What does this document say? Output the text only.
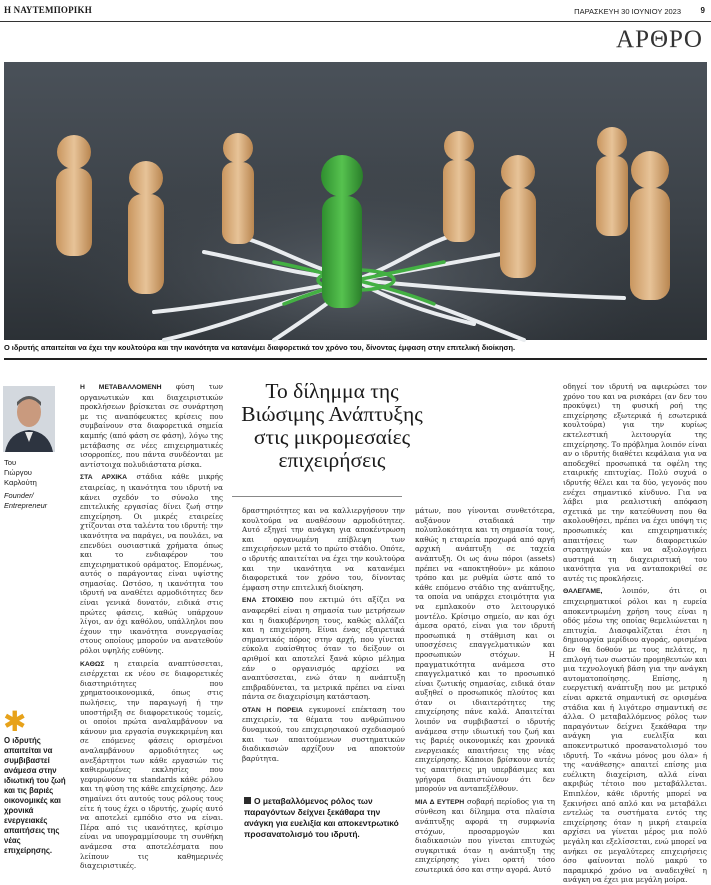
Η ΝΑΥΤΕΜΠΟΡΙΚΗ	ΠΑΡΑΣΚΕΥΗ 30 ΙΟΥΝΙΟΥ 2023 9
ΑΡΘΡΟ
Ο ιδρυτής απαιτείται να έχει την κουλτούρα και την ικανότητα να κατανέμει διαφορετικά τον χρόνο του, δίνοντας έμφαση στην επιτελική διοίκηση.
Του
Γιώργου
Καρλούτη
Founder/
Entrepreneur
✱
Ο ιδρυτής απαιτείται να συμβιβαστεί ανάμεσα στην ιδιωτική του ζωή και τις βαριές οικονομικές και χρονικά ενεργειακές απαιτήσεις της νέας επιχείρησης.

Η ΜΕΤΑΒΑΛΛΟΜΕΝΗ φύση των οργανωτικών και διαχειριστικών προκλήσεων βρίσκεται σε συνάρτηση με τις αναπόφευκτες κρίσεις που συμβαίνουν στα διαφορετικά σημεία καμπής (από φάση σε φάση), λόγω της μετάβασης σε νέες επιχειρηματικές ισορροπίες, που πάντα συνδέονται με αντίστοιχα πολυδιάστατα ρίσκα.

ΣΤΑ ΑΡΧΙΚΑ στάδια κάθε μικρής εταιρείας, η ικανότητα του ιδρυτή να κάνει σχεδόν το σύνολο της επιτελικής εργασίας δίνει ζωή στην επιχείρηση. Οι μικρές εταιρείες χτίζονται στα ταλέντα του ιδρυτή: την ικανότητα να παράγει, να πουλάει, να επενδύει ουσιαστικά χρήματα όπως και το ενδιαφέρον του επιχειρηματικού οράματος. Επομένως, αυτός ο παράγοντας είναι υψίστης σημασίας. Ωστόσο, η ικανότητα του ιδρυτή να αναθέτει αρμοδιότητες δεν είναι γενικά δυνατόν, ειδικά στις πρώτες φάσεις, καθώς υπάρχουν λίγοι, αν όχι καθόλου, υπάλληλοι που έχουν την ικανότητα συνεργασίας στους οποίους μπορούν να ανατεθούν ρόλοι υψηλής ευθύνης.

ΚΑΘΩΣ η εταιρεία αναπτύσσεται, εισέρχεται εκ νέου σε διαφορετικές διαστηριότητες που χρηματοοικονομικά, όπως στις πωλήσεις, την παραγωγή ή την υποστήριξη σε διαφορετικούς τομείς, οι οποίοι πρώτα αναλαμβάνουν να κάνουν μια εργασία συγκεκριμένη και σε επόμενες φάσεις ορισμένοι αναλαμβάνουν αρμοδιότητες ως ανεξάρτητοι των κάθε εργασιών τις καθιερωμένες εκκλησίες που γεφυρώνουν τα standards κάθε ρόλου και τη φύση της κάθε επιχείρησης. Δεν σημαίνει ότι αυτούς τους ρόλους τους είτε ή τους έχει ο ιδρυτής, χωρίς αυτό να αποτελεί εμπόδιο στο να είναι. Πέρα από τις ικανότητες, κρίσιμο είναι να υπογραμμίσουμε τη συνθήκη ανάμεσα στα αποτελέσματα που λείπουν τις καθημερινές διαχειριστικές.

Το δίλημμα της Βιώσιμης Ανάπτυξης στις μικρομεσαίες επιχειρήσεις

δραστηριότητες και να καλλιεργήσουν την κουλτούρα να αναθέσουν αρμοδιότητες. Αυτό εξηγεί την ανάγκη για αποκέντρωση και οργανωμένη επίβλεψη των επιχειρήσεων μετά το πρώτο στάδιο. Οπότε, ο ιδρυτής απαιτείται να έχει την κουλτούρα και την ικανότητα να κατανέμει διαφορετικά τον χρόνο του, δίνοντας έμφαση στην επιτελική διοίκηση.

ΕΝΑ ΣΤΟΙΧΕΙΟ που εκτιμώ ότι αξίζει να αναφερθεί είναι η σημασία των μετρήσεων και η διακυβέρνηση τους, καθώς αλλάζει και η επιχείρηση. Είναι ένας εξαιρετικά σημαντικός πόρος στην αρχή, που γίνεται εύκολα ευαίσθητος όταν το δείξουν οι αριθμοί και αποτελεί ξανά κύριο μέλημα εάν ο οργανισμός αρχίσει να αναπτύσσεται, ενώ όταν η ανάπτυξη επιβραδύνεται, τα μετρικά πρέπει να είναι πάντα σε διαχειρίσιμη κατάσταση.

ΟΤΑΝ Η ΠΟΡΕΙΑ εγκυμονεί επέκταση του επιχειρείν, τα θέματα του ανθρώπινου δυναμικού, του επιχειρησιακού σχεδιασμού και των απαιτούμενων συστηματικών διαδικασιών αρχίζουν να αποκτούν βαρύτητα.

Ο μεταβαλλόμενος ρόλος των παραγόντων δείχνει ξεκάθαρα την ανάγκη για ευελιξία και αποκεντρωτικό προσανατολισμό του ιδρυτή.

μάτων, που γίνονται συνθετότερα, αυξάνουν σταδιακά την πολυπλοκότητα και τη σημασία τους, καθώς η εταιρεία προχωρά από αργή αρχική ανάπτυξη σε ταχεία ανάπτυξη. Οι ως άνω πόροι (assets) πρέπει να «αποκτηθούν» με κάποιο τρόπο και με ρυθμία ώστε από το κάθε επόμενο στάδιο της ανάπτυξης, τα οποία να υπάρχει ετοιμότητα για να εμπλακούν στο λειτουργικό μοντέλο. Κρίσιμο σημείο, αν και όχι άμεσα ορατό, είναι για τον ιδρυτή προσωπικά η στάθμιση και οι υποσχέσεις επαγγελματικών και προσωπικών στόχων. Η πραγματικότητα ανάμεσα στο επαγγελματικό και το προσωπικό είναι ζωτικής σημασίας, ειδικά όταν αυξηθεί ο προσωπικός πλούτος και όταν οι ιδιαιτερότητες της επιχείρησης πάνε καλά. Απαιτείται λοιπόν να συμβιβαστεί ο ιδρυτής ανάμεσα στην ιδιωτική του ζωή και τις βαριές οικονομικές και χρονικά ενεργειακές απαιτήσεις της νέας επιχείρησης. Κάποιοι βρίσκουν αυτές τις απαιτήσεις μη υπερβάσιμες και γρήγορα διαπιστώνουν ότι δεν μπορούν να ανταπεξέλθουν.

ΜΙΑ Δ ΕΥΤΕΡΗ σοβαρή περίοδος για τη σύνθεση και δίλημμα στα πλαίσια ανάπτυξης αφορά τη συμφωνία στόχων, προσαρμογών και διαδικασιών που γίνεται επιτυχώς συγκριτικά όταν η ανάπτυξη της επιχείρησης γίνει ορατή τόσο εσωτερικά όσο και στην αγορά. Αυτό

οδηγεί τον ιδρυτή να αφιερώσει τον χρόνο του και να ρισκάρει (αν δεν του προκύψει) τη φυσική ροή της επιχείρησης εξωτερικά ή εσωτερικά κουλτούρα) για την κυρίως εκτελεστική λειτουργία της επιχείρησης. Το πρόβλημα λοιπόν είναι αν ο ιδρυτής διαθέτει κεφάλαια για να αποδεχθεί προσωπικά τα οφέλη της εταιρικής επιτυχίας. Πολύ συχνά ο ιδρυτής θέλει και τα δύο, γεγονός που ενέχει σημαντικό κίνδυνο. Για να λάβει μια ρεαλιστική απόφαση σχετικά με την κατεύθυνση που θα ακολουθήσει, πρέπει να έχει υπόψη τις προσωπικές και επιχειρηματικές απαιτήσεις των διαφορετικών στρατηγικών και να αξιολογήσει αυστηρά τη διαχειριστική του ικανότητα για να ανταποκριθεί σε αυτές τις προκλήσεις.

ΘΑΛΕΓΑΜΕ,	λοιπόν, ότι οι επιχειρηματικοί ρόλοι και η ευρεία αποκεντρωμένη χρήση τους είναι η οδός μέσω της οποίας θεμελιώνεται η επιτυχία. Διασφαλίζεται έτσι η δημιουργία μερίδιου αγοράς, ορισμένα δεν θα δοθούν με τους πελάτες, η επιλογή των σωστών προμηθευτών και μια τεχνολογική βάση για την ανάγκη αυτοματοποίησης. Επίσης, η ευεργετική ανάπτυξη που με μετρικό είναι αρκετά σημαντική σε ορισμένα στάδια και ή λιγότερο σημαντική σε άλλα. Ο μεταβαλλόμενος ρόλος των παραγόντων δείχνει ξεκάθαρα την ανάγκη για ευελιξία και αποκεντρωτικό προσανατολισμό του ιδρυτή. Το «κάνω μόνος μου όλα» ή της «ανάθεσης» απαιτεί επίσης μια ευέλικτη διαχείριση, αλλά είναι ακριβώς τέτοιο που μεταβάλλεται. Επιπλέον, κάθε ιδρυτής μπορεί να ξεκινήσει από απλό και να μεταβάλει εντελώς τα συστήματα εντός της επιχείρησης όταν η μικρή εταιρεία αρχίσει να γίνεται μέρος μια πολύ μεγάλη και εξελίσσεται, ενώ μπορεί να ανήκει σε μεγαλύτερες επιχειρήσεις όσο φαίνονται πολύ μακρύ το παραμικρό χρόνο να αναδειχθεί η ανάγκη να έχει μια μεγάλη μοίρα.
